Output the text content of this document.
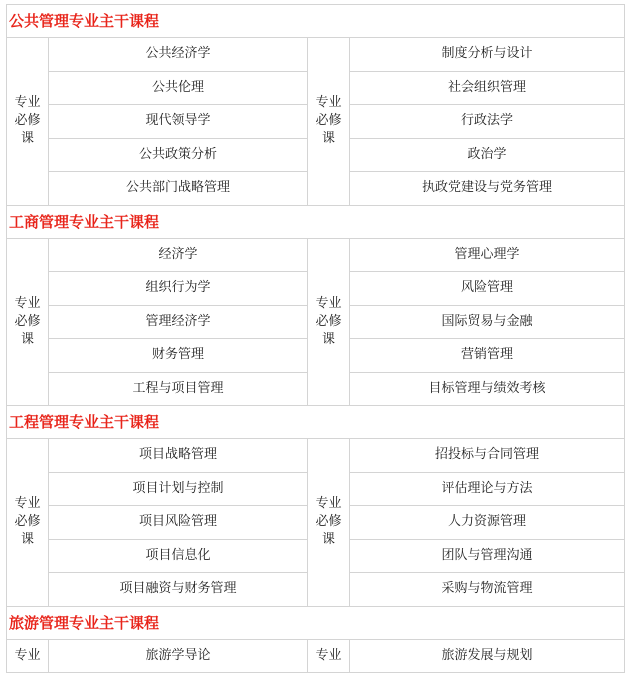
公共管理专业主干课程			
专业
必修
课	公共经济学	专业
必修
课	制度分析与设计
	公共伦理		社会组织管理
	现代领导学		行政法学
	公共政策分析		政治学
	公共部门战略管理		执政党建设与党务管理
工商管理专业主干课程			
专业
必修
课	经济学	专业
必修
课	管理心理学
	组织行为学		风险管理
	管理经济学		国际贸易与金融
	财务管理		营销管理
	工程与项目管理		目标管理与绩效考核
工程管理专业主干课程			
专业
必修
课	项目战略管理	专业
必修
课	招投标与合同管理
	项目计划与控制		评估理论与方法
	项目风险管理		人力资源管理
	项目信息化		团队与管理沟通
	项目融资与财务管理		采购与物流管理
旅游管理专业主干课程			
专业	旅游学导论	专业	旅游发展与规划
